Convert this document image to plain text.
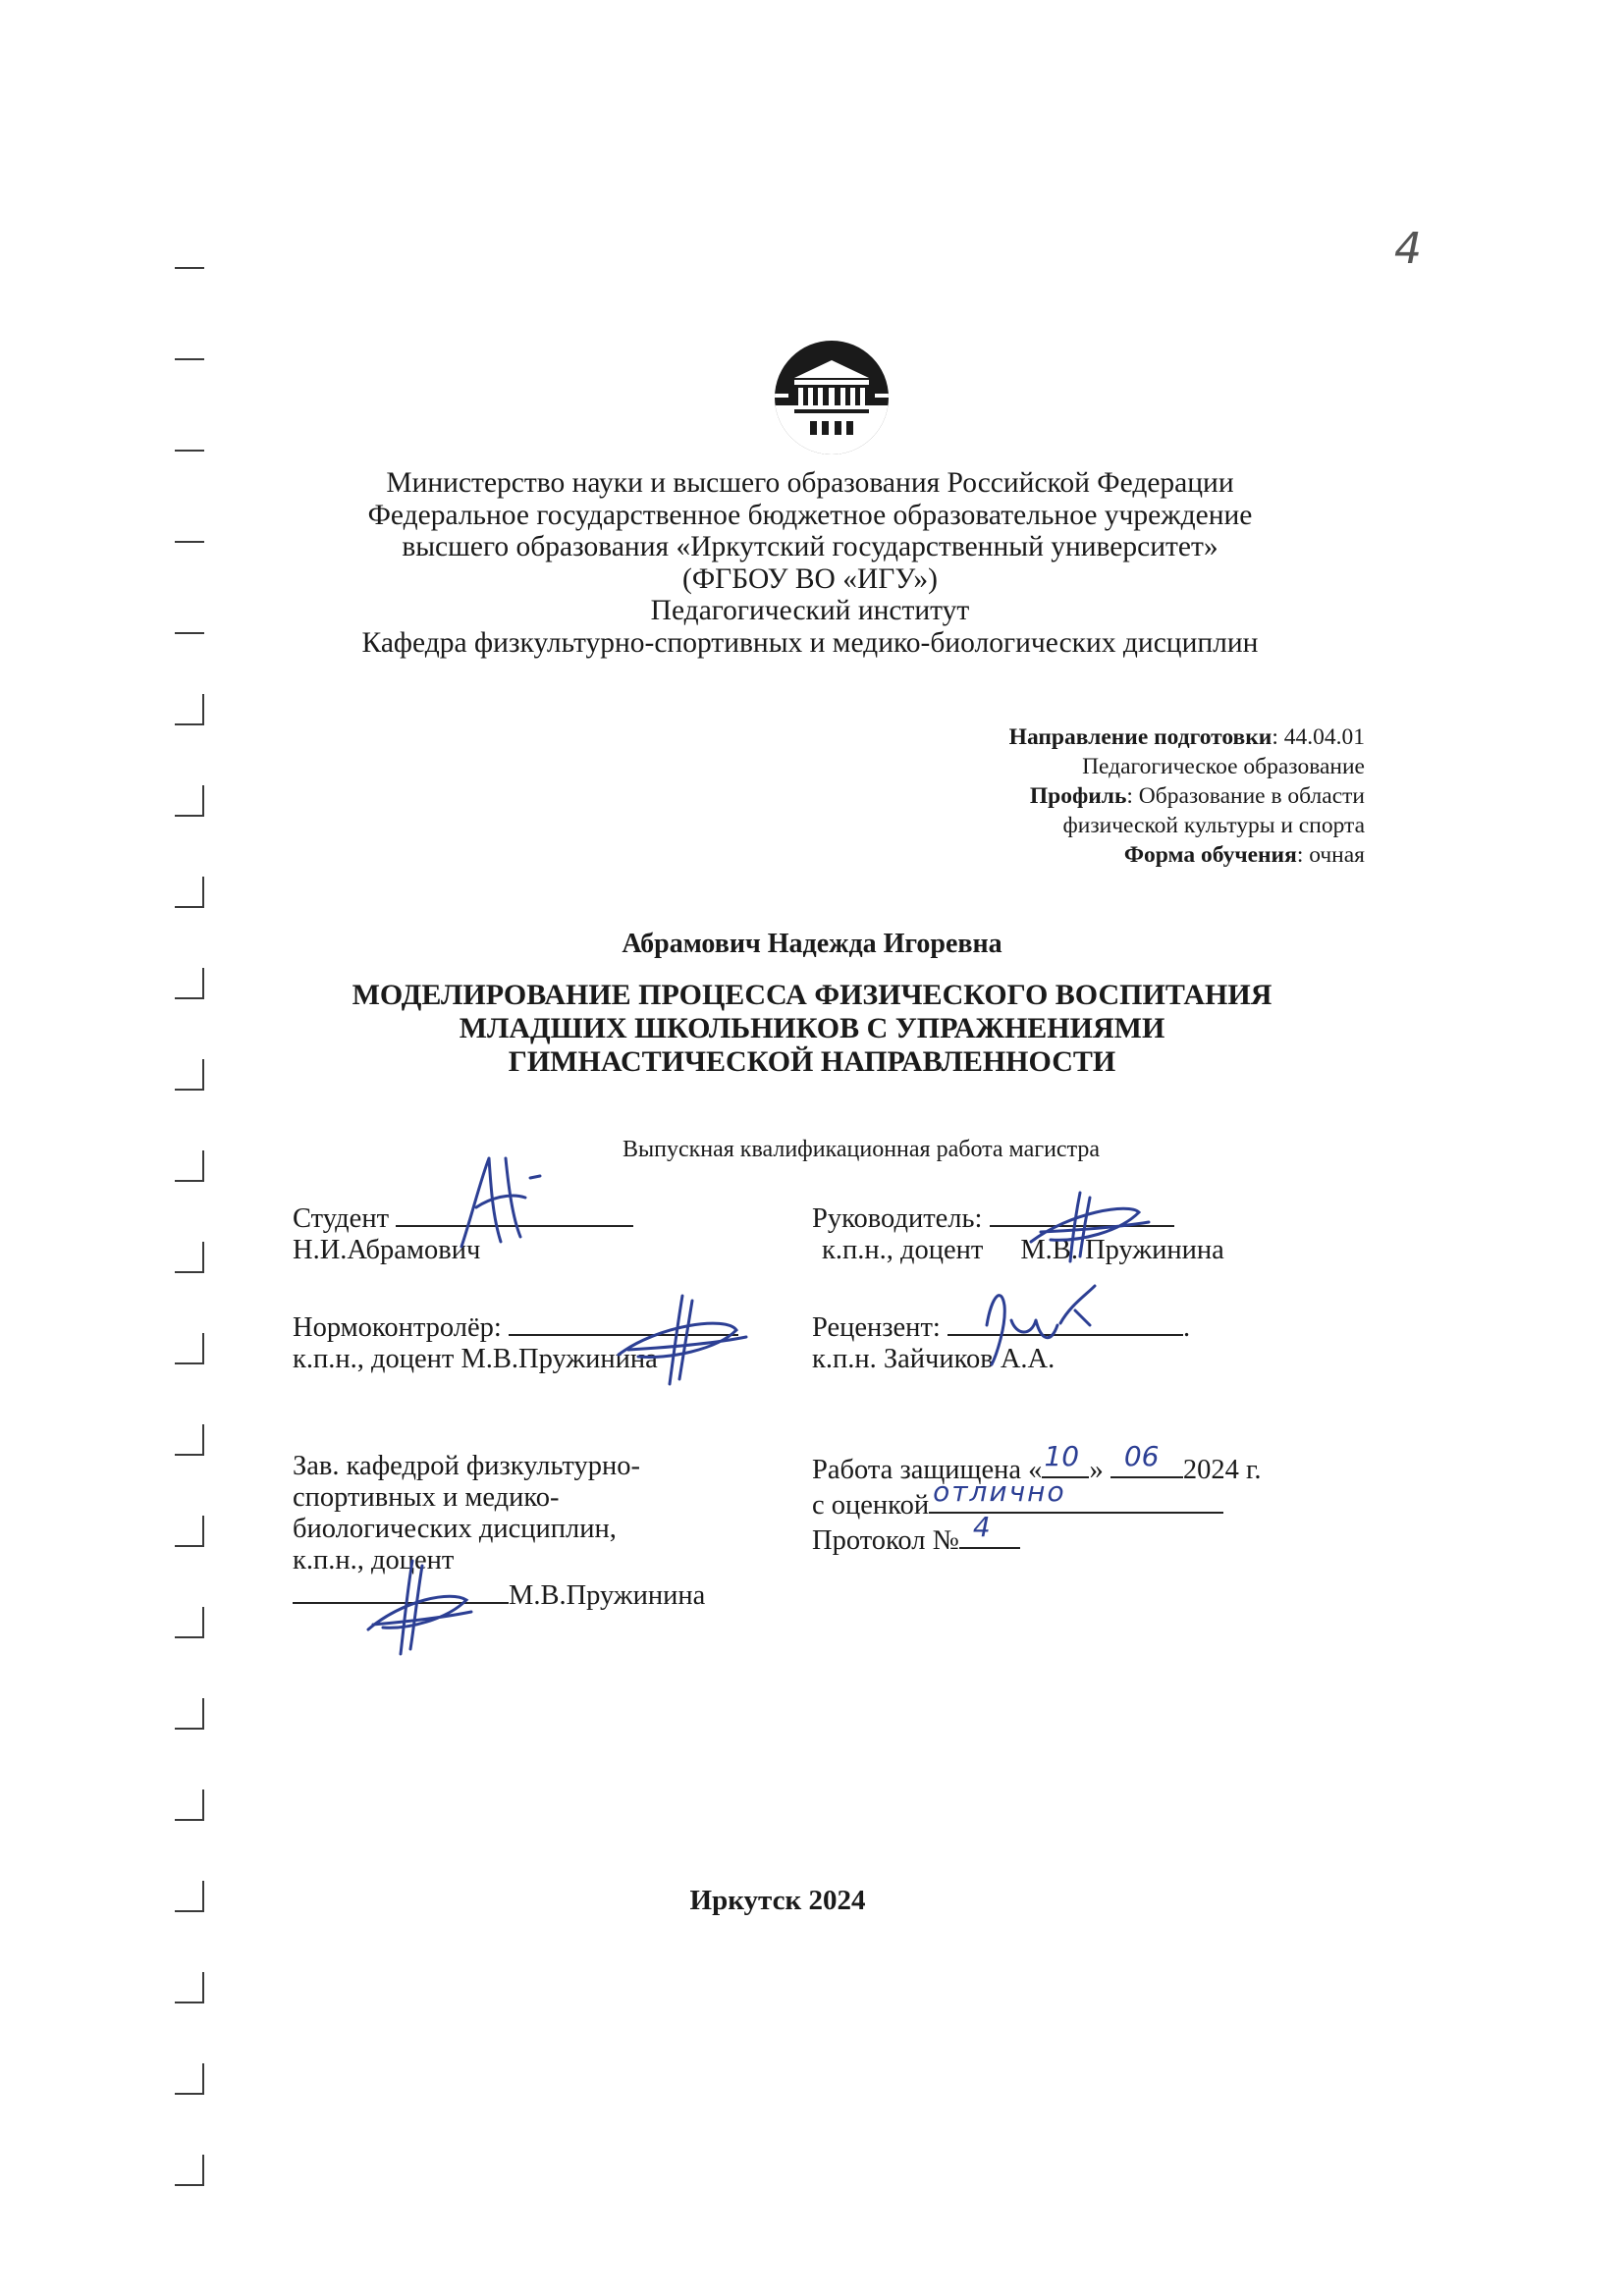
4
Министерство науки и высшего образования Российской Федерации
Федеральное государственное бюджетное образовательное учреждение
высшего образования «Иркутский государственный университет»
(ФГБОУ ВО «ИГУ»)
Педагогический институт
Кафедра физкультурно-спортивных и медико-биологических дисциплин
Направление подготовки: 44.04.01
Педагогическое образование
Профиль: Образование в области
физической культуры и спорта
Форма обучения: очная
Абрамович Надежда Игоревна
МОДЕЛИРОВАНИЕ ПРОЦЕССА ФИЗИЧЕСКОГО ВОСПИТАНИЯ
МЛАДШИХ ШКОЛЬНИКОВ С УПРАЖНЕНИЯМИ
ГИМНАСТИЧЕСКОЙ НАПРАВЛЕННОСТИ
Выпускная квалификационная работа магистра
Студент
Н.И.Абрамович
Руководитель:
к.п.н., доцент М.В. Пружинина
Нормоконтролёр:
к.п.н., доцент М.В.Пружинина
Рецензент:	.
к.п.н. Зайчиков А.А.
Зав. кафедрой физкультурно-
спортивных и медико-
биологических дисциплин,
к.п.н., доцент
М.В.Пружинина
Работа защищена « 10 » 06 2024 г.
с оценкой отлично
Протокол № 4
Иркутск 2024
